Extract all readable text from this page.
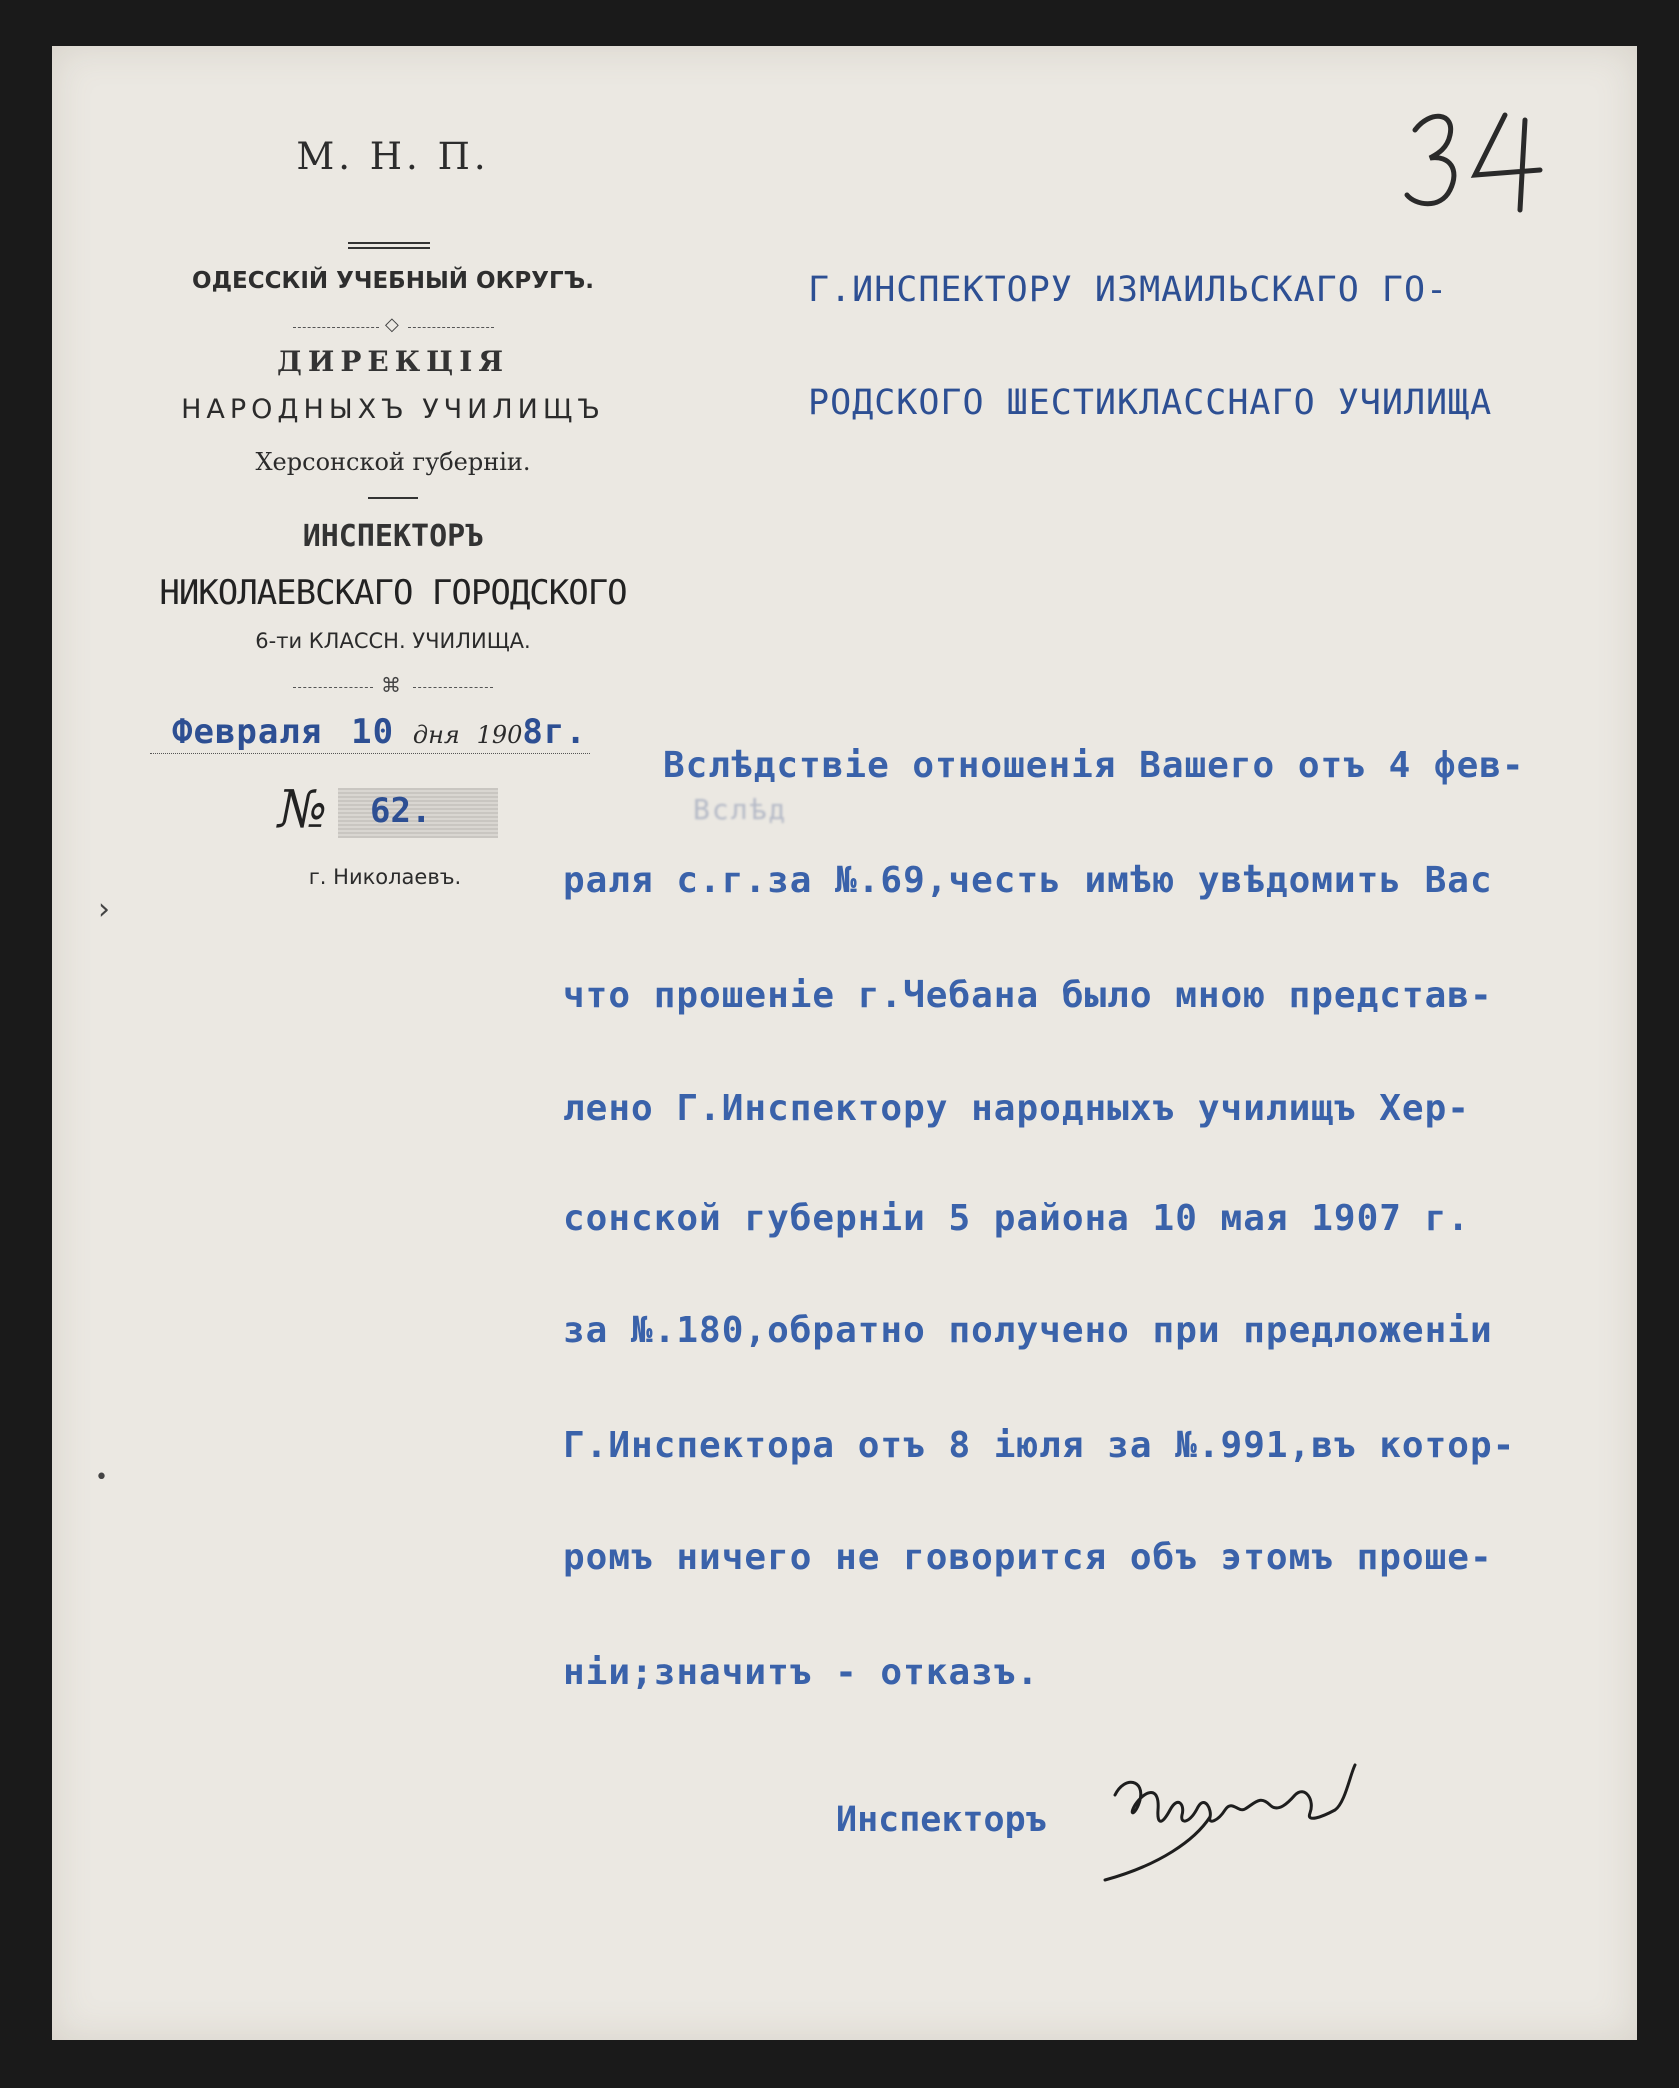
М. Н. П.
ОДЕССКІЙ УЧЕБНЫЙ ОКРУГЪ.
◇
ДИРЕКЦІЯ
НАРОДНЫХЪ УЧИЛИЩЪ
Херсонской губерніи.
ИНСПЕКТОРЪ
НИКОЛАЕВСКАГО ГОРОДСКОГО
6-ти КЛАССН. УЧИЛИЩА.
⌘
Февраля 10 дня 1908г.
№ 62.
г. Николаевъ.
Г.ИНСПЕКТОРУ ИЗМАИЛЬСКАГО ГО-
РОДСКОГО ШЕСТИКЛАССНАГО УЧИЛИЩА
Вслѣдствіе отношенія Вашего отъ 4 фев-
Вслѣд
раля с.г.за №.69,честь имѣю увѣдомить Вас
что прошеніе г.Чебана было мною представ-
лено Г.Инспектору народныхъ училищъ Хер-
сонской губерніи 5 района 10 мая 1907 г.
за №.180,обратно получено при предложеніи
Г.Инспектора отъ 8 іюля за №.991,въ котор-
ромъ ничего не говорится объ этомъ проше-
ніи;значитъ - отказъ.
Инспекторъ
›
•
